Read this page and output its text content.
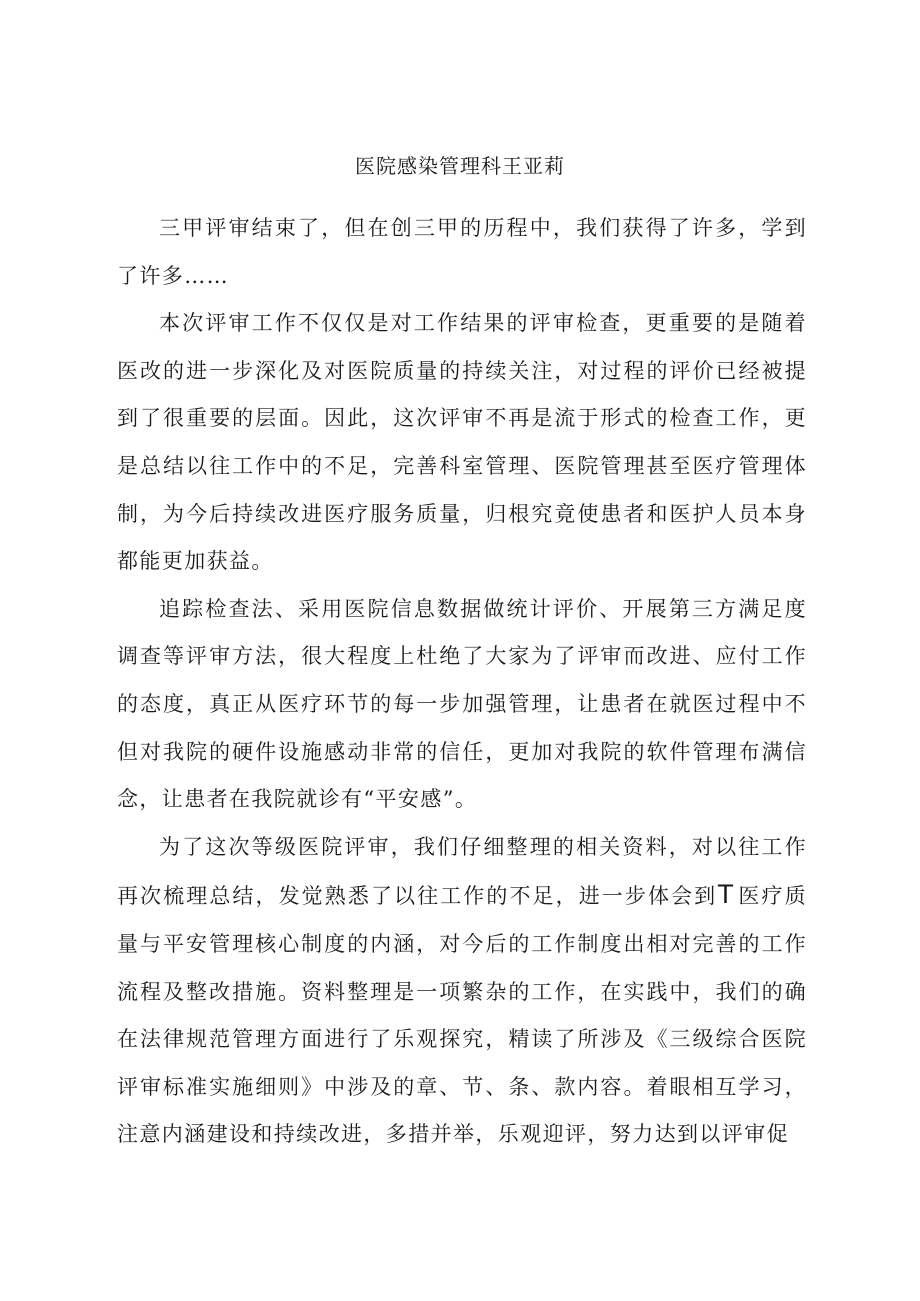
医院感染管理科王亚莉

三甲评审结束了，但在创三甲的历程中，我们获得了许多，学到了许多……

本次评审工作不仅仅是对工作结果的评审检查，更重要的是随着医改的进一步深化及对医院质量的持续关注，对过程的评价已经被提到了很重要的层面。因此，这次评审不再是流于形式的检查工作，更是总结以往工作中的不足，完善科室管理、医院管理甚至医疗管理体制，为今后持续改进医疗服务质量，归根究竟使患者和医护人员本身都能更加获益。

追踪检查法、采用医院信息数据做统计评价、开展第三方满足度调查等评审方法，很大程度上杜绝了大家为了评审而改进、应付工作的态度，真正从医疗环节的每一步加强管理，让患者在就医过程中不但对我院的硬件设施感动非常的信任，更加对我院的软件管理布满信念，让患者在我院就诊有“平安感”。

为了这次等级医院评审，我们仔细整理的相关资料，对以往工作再次梳理总结，发觉熟悉了以往工作的不足，进一步体会到T医疗质量与平安管理核心制度的内涵，对今后的工作制度出相对完善的工作流程及整改措施。资料整理是一项繁杂的工作，在实践中，我们的确在法律规范管理方面进行了乐观探究，精读了所涉及《三级综合医院评审标准实施细则》中涉及的章、节、条、款内容。着眼相互学习，注意内涵建设和持续改进，多措并举，乐观迎评，努力达到以评审促
